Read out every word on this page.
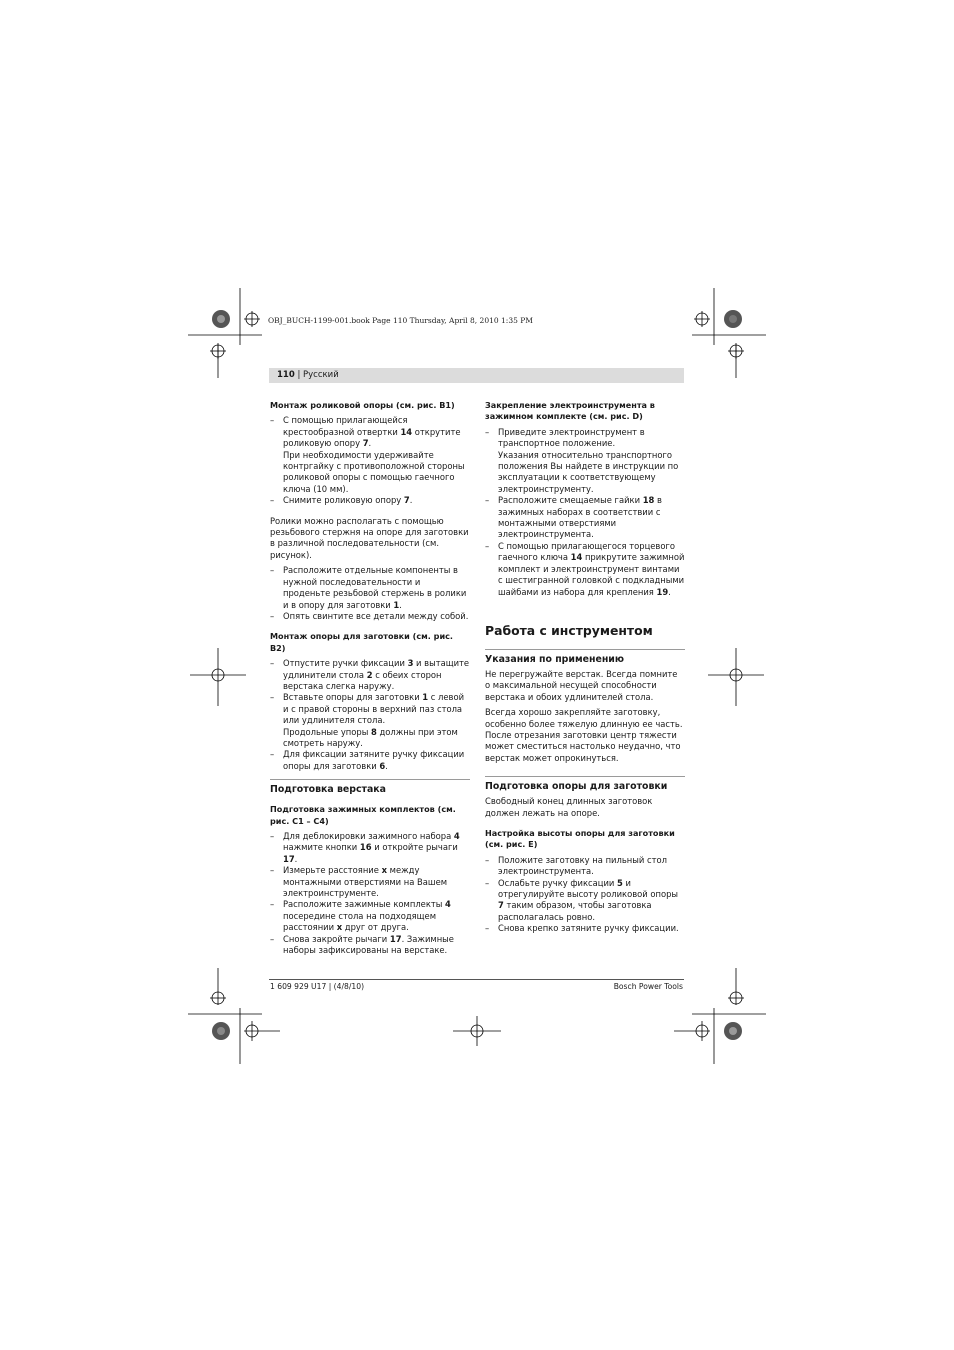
OBJ_BUCH-1199-001.book Page 110 Thursday, April 8, 2010 1:35 PM
110 | Русский

Монтаж роликовой опоры (см. рис. B1)

– С помощью прилагающейся крестообразной отвертки 14 открутите роликовую опору 7.
При необходимости удерживайте контргайку с противоположной стороны роликовой опоры с помощью гаечного ключа (10 мм).
– Снимите роликовую опору 7.

Ролики можно располагать с помощью резьбового стержня на опоре для заготовки в различной последовательности (см. рисунок).

– Расположите отдельные компоненты в нужной последовательности и проденьте резьбовой стержень в ролики и в опору для заготовки 1.
– Опять свинтите все детали между собой.

Монтаж опоры для заготовки (см. рис. B2)

– Отпустите ручки фиксации 3 и вытащите удлинители стола 2 с обеих сторон верстака слегка наружу.
– Вставьте опоры для заготовки 1 с левой и с правой стороны в верхний паз стола или удлинителя стола.
Продольные упоры 8 должны при этом смотреть наружу.
– Для фиксации затяните ручку фиксации опоры для заготовки 6.

Подготовка верстака

Подготовка зажимных комплектов (см. рис. C1 – C4)

– Для деблокировки зажимного набора 4 нажмите кнопки 16 и откройте рычаги 17.
– Измерьте расстояние x между монтажными отверстиями на Вашем электроинструменте.
– Расположите зажимные комплекты 4 посередине стола на подходящем расстоянии x друг от друга.
– Снова закройте рычаги 17. Зажимные наборы зафиксированы на верстаке.

Закрепление электроинструмента в зажимном комплекте (см. рис. D)

– Приведите электроинструмент в транспортное положение.
Указания относительно транспортного положения Вы найдете в инструкции по эксплуатации к соответствующему электроинструменту.
– Расположите смещаемые гайки 18 в зажимных наборах в соответствии с монтажными отверстиями электроинструмента.
– С помощью прилагающегося торцевого гаечного ключа 14 прикрутите зажимной комплект и электроинструмент винтами с шестигранной головкой с подкладными шайбами из набора для крепления 19.

Работа с инструментом

Указания по применению

Не перегружайте верстак. Всегда помните о максимальной несущей способности верстака и обоих удлинителей стола.

Всегда хорошо закрепляйте заготовку, особенно более тяжелую длинную ее часть. После отрезания заготовки центр тяжести может сместиться настолько неудачно, что верстак может опрокинуться.

Подготовка опоры для заготовки

Свободный конец длинных заготовок должен лежать на опоре.

Настройка высоты опоры для заготовки (см. рис. E)

– Положите заготовку на пильный стол электроинструмента.
– Ослабьте ручку фиксации 5 и отрегулируйте высоту роликовой опоры 7 таким образом, чтобы заготовка располагалась ровно.
– Снова крепко затяните ручку фиксации.
1 609 929 U17 | (4/8/10)	Bosch Power Tools
